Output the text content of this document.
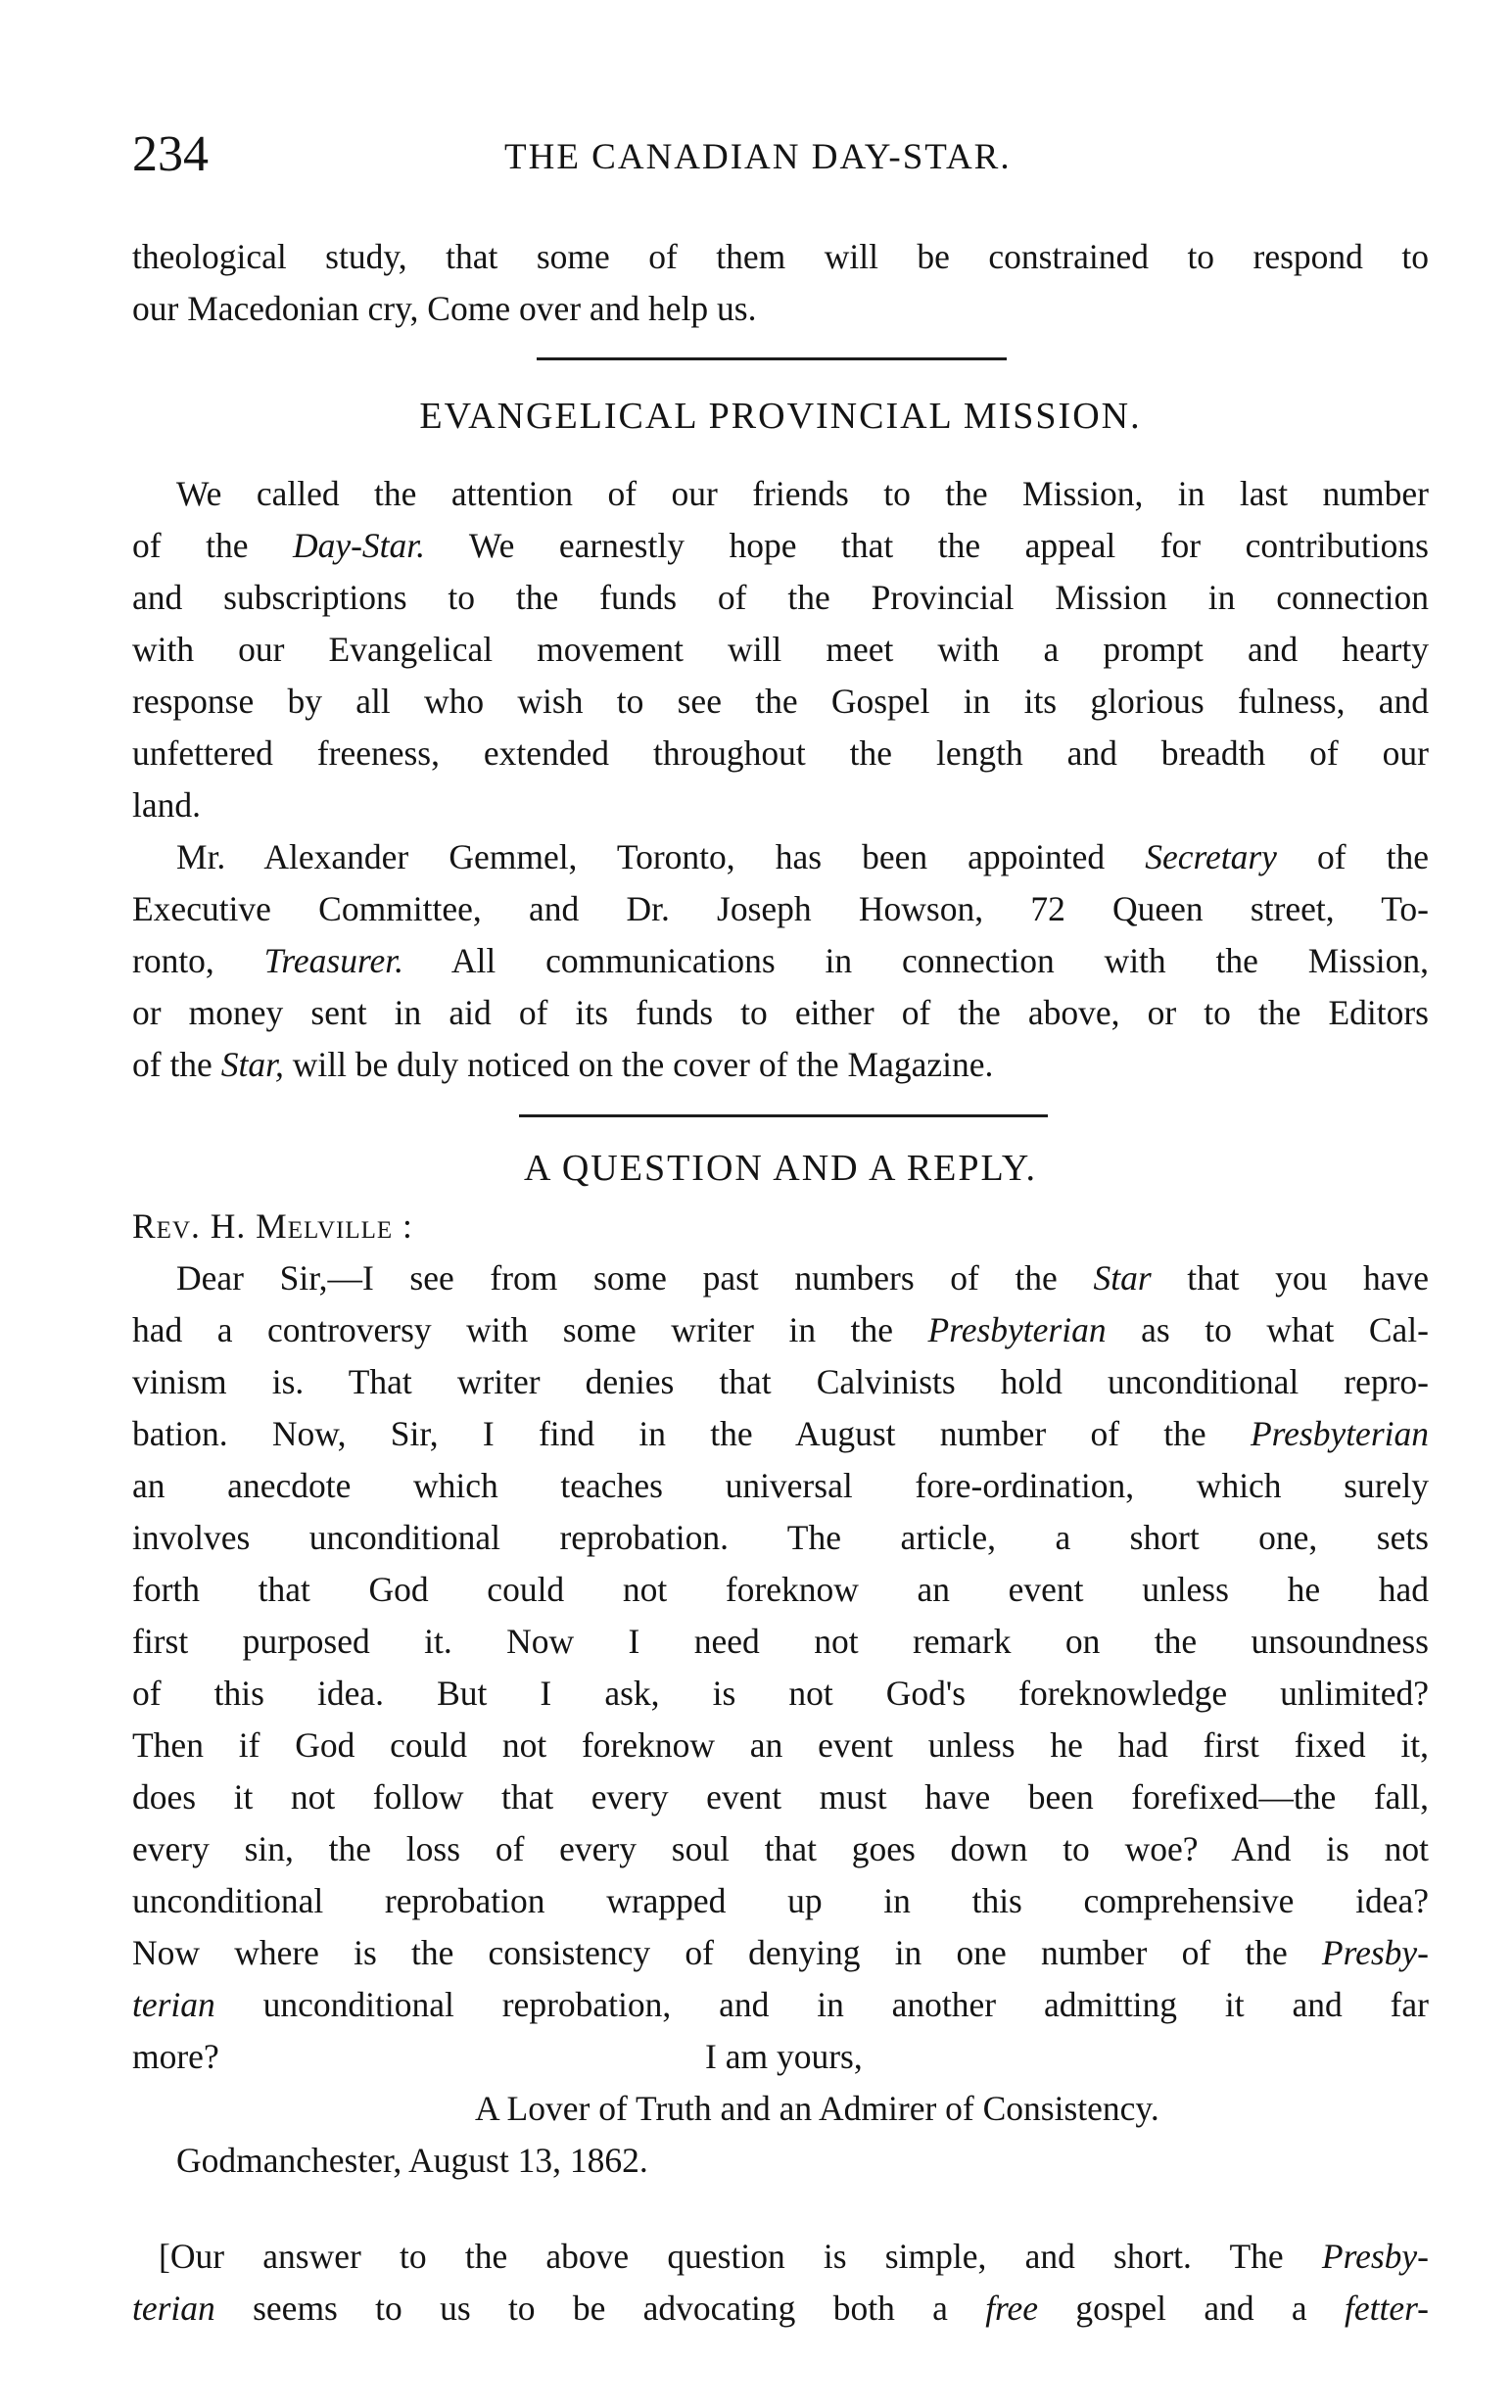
234	THE CANADIAN DAY-STAR.
theological study, that some of them will be constrained to respond to
our Macedonian cry, Come over and help us.
EVANGELICAL PROVINCIAL MISSION.
We called the attention of our friends to the Mission, in last number
of the Day-Star. We earnestly hope that the appeal for contributions
and subscriptions to the funds of the Provincial Mission in connection
with our Evangelical movement will meet with a prompt and hearty
response by all who wish to see the Gospel in its glorious fulness, and
unfettered freeness, extended throughout the length and breadth of our
land.
Mr. Alexander Gemmel, Toronto, has been appointed Secretary of the
Executive Committee, and Dr. Joseph Howson, 72 Queen street, To-
ronto, Treasurer. All communications in connection with the Mission,
or money sent in aid of its funds to either of the above, or to the Editors
of the Star, will be duly noticed on the cover of the Magazine.
A QUESTION AND A REPLY.
Rev. H. Melville :
Dear Sir,—I see from some past numbers of the Star that you have
had a controversy with some writer in the Presbyterian as to what Cal-
vinism is. That writer denies that Calvinists hold unconditional repro-
bation. Now, Sir, I find in the August number of the Presbyterian
an anecdote which teaches universal fore-ordination, which surely
involves unconditional reprobation. The article, a short one, sets
forth that God could not foreknow an event unless he had
first purposed it. Now I need not remark on the unsoundness
of this idea. But I ask, is not God's foreknowledge unlimited?
Then if God could not foreknow an event unless he had first fixed it,
does it not follow that every event must have been forefixed—the fall,
every sin, the loss of every soul that goes down to woe? And is not
unconditional reprobation wrapped up in this comprehensive idea?
Now where is the consistency of denying in one number of the Presby-
terian unconditional reprobation, and in another admitting it and far
more?	I am yours,
A Lover of Truth and an Admirer of Consistency.
Godmanchester, August 13, 1862.
[Our answer to the above question is simple, and short. The Presby-
terian seems to us to be advocating both a free gospel and a fetter-
